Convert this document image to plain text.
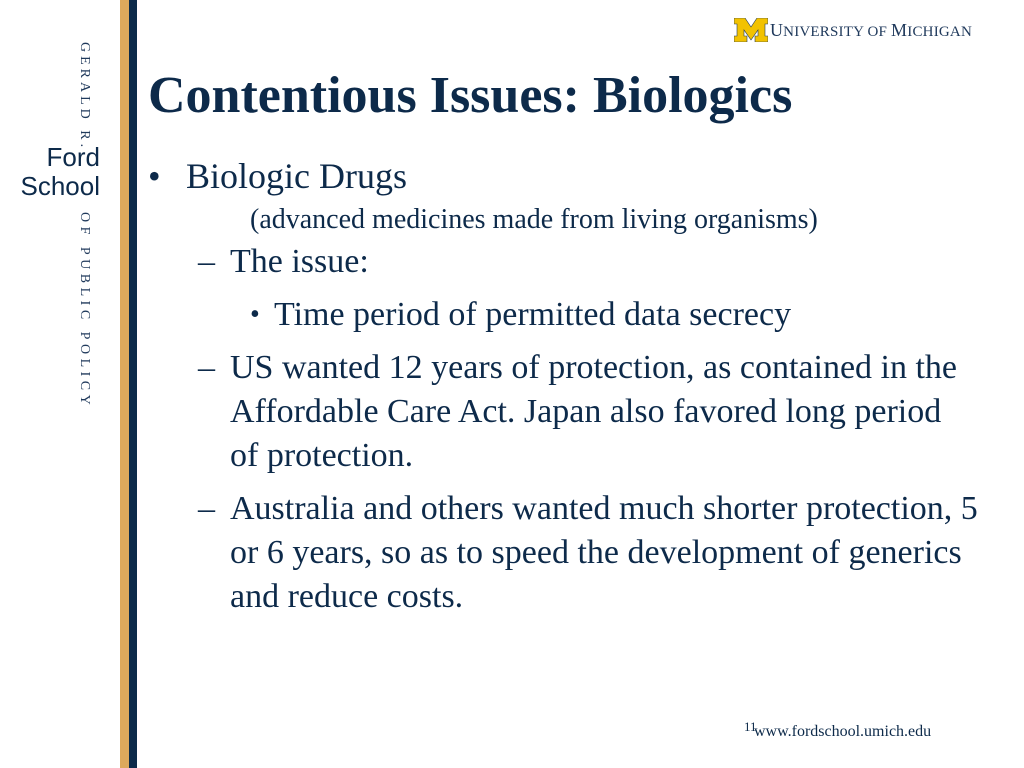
GERALD R.
Ford
School
OF PUBLIC POLICY
UNIVERSITY OF MICHIGAN
Contentious Issues: Biologics
• Biologic Drugs
(advanced medicines made from living organisms)
– The issue:
• Time period of permitted data secrecy
– US wanted 12 years of protection, as contained in the Affordable Care Act. Japan also favored long period of protection.
– Australia and others wanted much shorter protection, 5 or 6 years, so as to speed the development of generics and reduce costs.
11
www.fordschool.umich.edu
